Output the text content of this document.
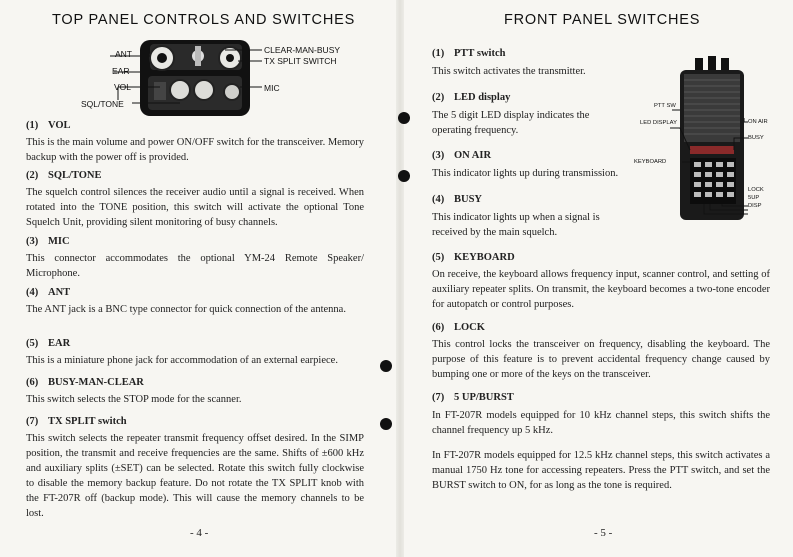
TOP PANEL CONTROLS AND SWITCHES
ANT
EAR
VOL
SQL/TONE
CLEAR-MAN-BUSY
TX SPLIT SWITCH
MIC
(1) VOL
This is the main volume and power ON/OFF switch for the transceiver. Memory backup with the power off is provided.
(2) SQL/TONE
The squelch control silences the receiver audio until a signal is received. When rotated into the TONE position, this switch will activate the optional Tone Squelch Unit, providing silent monitoring of busy channels.
(3) MIC
This connector accommodates the optional YM-24 Remote Speaker/ Microphone.
(4) ANT
The ANT jack is a BNC type connector for quick connection of the antenna.
(5) EAR
This is a miniature phone jack for accommodation of an external earpiece.
(6) BUSY-MAN-CLEAR
This switch selects the STOP mode for the scanner.
(7) TX SPLIT switch
This switch selects the repeater transmit frequency offset desired. In the SIMP position, the transmit and receive frequencies are the same. Shifts of ±600 kHz and auxiliary splits (±SET) can be selected. Rotate this switch fully clockwise to disable the memory backup feature. Do not rotate the TX SPLIT knob with the FT-207R off (backup mode). This will cause the memory channels to be lost.
- 4 -
FRONT PANEL SWITCHES
PTT SW
LED DISPLAY
KEYBOARD
ON AIR
BUSY
LOCK
5UP
DISP
(1) PTT switch
This switch activates the transmitter.
(2) LED display
The 5 digit LED display indicates the operating frequency.
(3) ON AIR
This indicator lights up during transmission.
(4) BUSY
This indicator lights up when a signal is received by the main squelch.
(5) KEYBOARD
On receive, the keyboard allows frequency input, scanner control, and setting of auxiliary repeater splits. On transmit, the keyboard becomes a two-tone encoder for autopatch or control purposes.
(6) LOCK
This control locks the transceiver on frequency, disabling the keyboard. The purpose of this feature is to prevent accidental frequency change caused by bumping one or more of the keys on the transceiver.
(7) 5 UP/BURST
In FT-207R models equipped for 10 kHz channel steps, this switch shifts the channel frequency up 5 kHz.
In FT-207R models equipped for 12.5 kHz channel steps, this switch activates a manual 1750 Hz tone for accessing repeaters. Press the PTT switch, and set the BURST switch to ON, for as long as the tone is required.
- 5 -
